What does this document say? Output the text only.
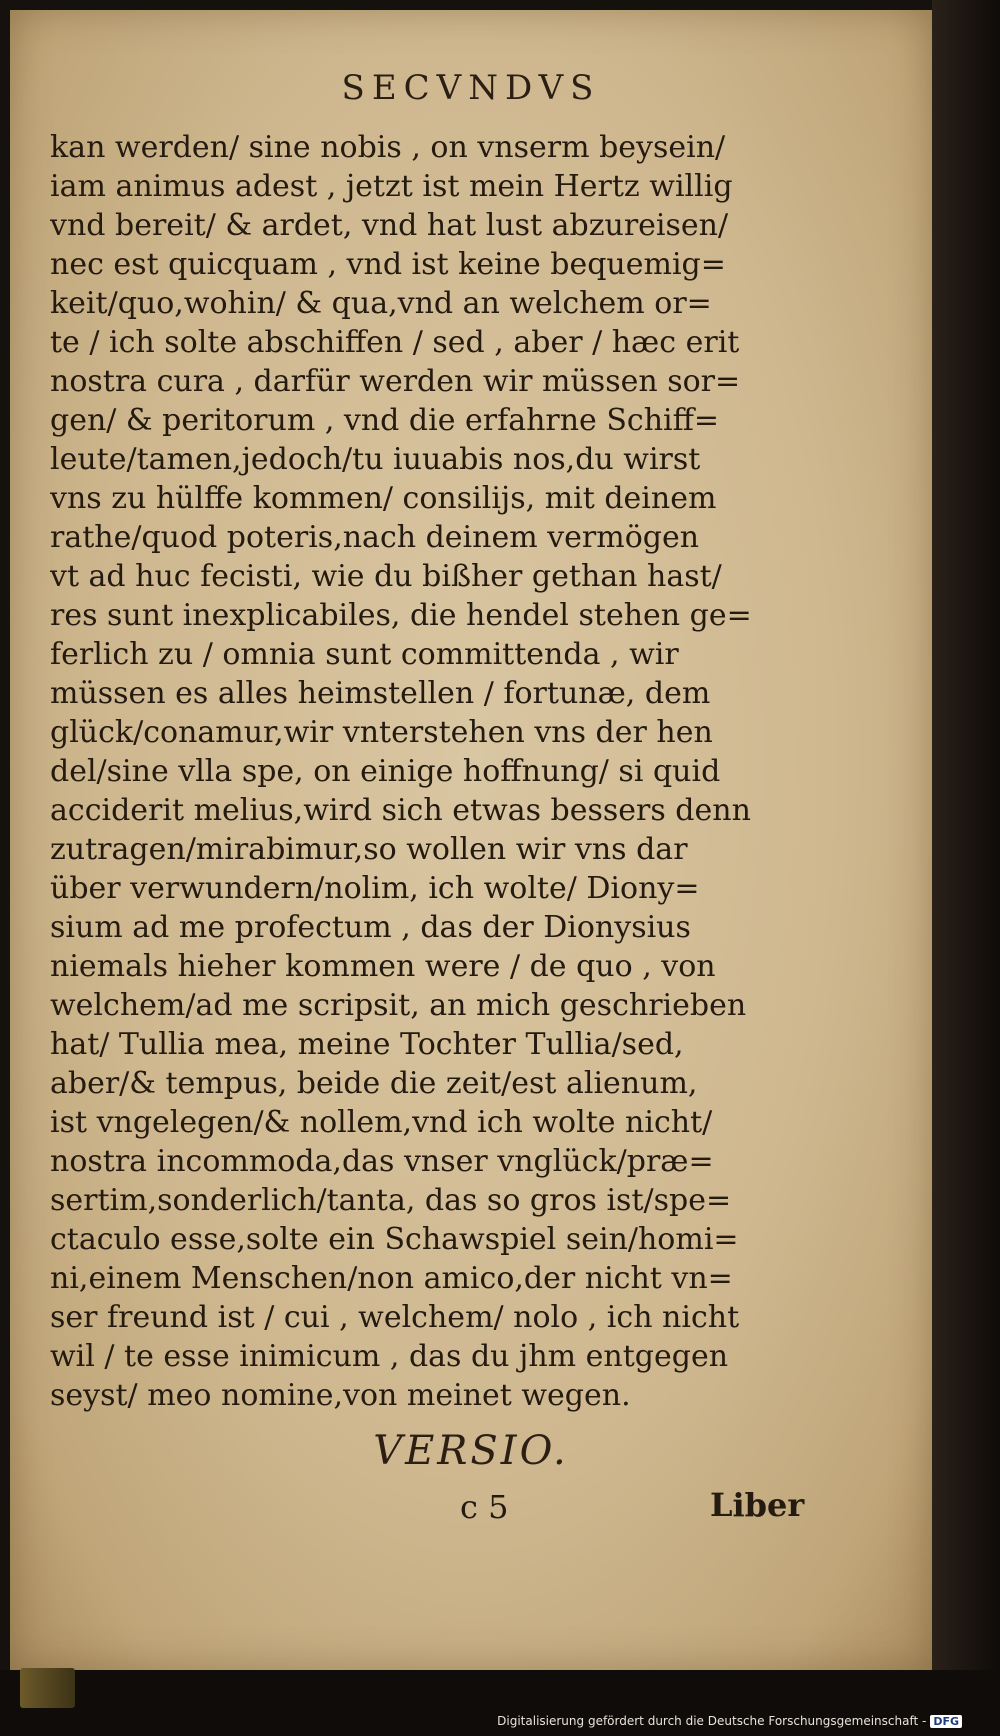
SECVNDVS
kan werden/ sine nobis , on vnserm beysein/
iam animus adest , jetzt ist mein Hertz willig
vnd bereit/ & ardet, vnd hat lust abzureisen/
nec est quicquam , vnd ist keine bequemig=
keit/quo,wohin/ & qua,vnd an welchem or=
te / ich solte abschiffen / sed , aber / hæc erit
nostra cura , darfür werden wir müssen sor=
gen/ & peritorum , vnd die erfahrne Schiff=
leute/tamen,jedoch/tu iuuabis nos,du wirst
vns zu hülffe kommen/ consilijs, mit deinem
rathe/quod poteris,nach deinem vermögen
vt ad huc fecisti, wie du bißher gethan hast/
res sunt inexplicabiles, die hendel stehen ge=
ferlich zu / omnia sunt committenda , wir
müssen es alles heimstellen / fortunæ, dem
glück/conamur,wir vnterstehen vns der hen
del/sine vlla spe, on einige hoffnung/ si quid
acciderit melius,wird sich etwas bessers denn
zutragen/mirabimur,so wollen wir vns dar
über verwundern/nolim, ich wolte/ Diony=
sium ad me profectum , das der Dionysius
niemals hieher kommen were / de quo , von
welchem/ad me scripsit, an mich geschrieben
hat/ Tullia mea, meine Tochter Tullia/sed,
aber/& tempus, beide die zeit/est alienum,
ist vngelegen/& nollem,vnd ich wolte nicht/
nostra incommoda,das vnser vnglück/præ=
sertim,sonderlich/tanta, das so gros ist/spe=
ctaculo esse,solte ein Schawspiel sein/homi=
ni,einem Menschen/non amico,der nicht vn=
ser freund ist / cui , welchem/ nolo , ich nicht
wil / te esse inimicum , das du jhm entgegen
seyst/ meo nomine,von meinet wegen.
VERSIO.
c 5	Liber
Digitalisierung gefördert durch die Deutsche Forschungsgemeinschaft - DFG
